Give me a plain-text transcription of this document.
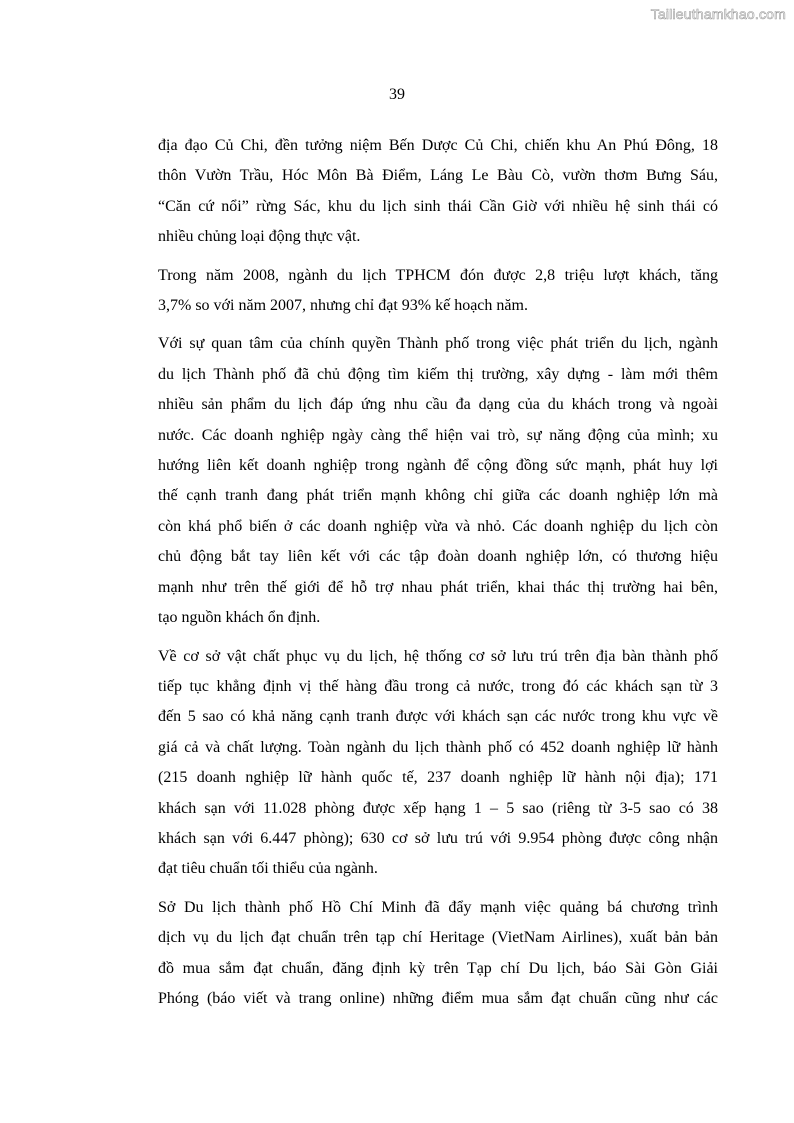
Tailieuthamkhao.com
39
địa đạo Củ Chi, đền tưởng niệm Bến Dược Củ Chi, chiến khu An Phú Đông, 18
thôn Vườn Trầu, Hóc Môn Bà Điểm, Láng Le Bàu Cò, vườn thơm Bưng Sáu,
“Căn cứ nổi” rừng Sác, khu du lịch sinh thái Cần Giờ với nhiều hệ sinh thái có
nhiều chủng loại động thực vật.
Trong năm 2008, ngành du lịch TPHCM đón được 2,8 triệu lượt khách, tăng
3,7% so với năm 2007, nhưng chỉ đạt 93% kế hoạch năm.
Với sự quan tâm của chính quyền Thành phố trong việc phát triển du lịch, ngành
du lịch Thành phố đã chủ động tìm kiếm thị trường, xây dựng - làm mới thêm
nhiều sản phẩm du lịch đáp ứng nhu cầu đa dạng của du khách trong và ngoài
nước. Các doanh nghiệp ngày càng thể hiện vai trò, sự năng động của mình; xu
hướng liên kết doanh nghiệp trong ngành để cộng đồng sức mạnh, phát huy lợi
thế cạnh tranh đang phát triển mạnh không chỉ giữa các doanh nghiệp lớn mà
còn khá phổ biến ở các doanh nghiệp vừa và nhỏ. Các doanh nghiệp du lịch còn
chủ động bắt tay liên kết với các tập đoàn doanh nghiệp lớn, có thương hiệu
mạnh như trên thế giới để hỗ trợ nhau phát triển, khai thác thị trường hai bên,
tạo nguồn khách ổn định.
Về cơ sở vật chất phục vụ du lịch, hệ thống cơ sở lưu trú trên địa bàn thành phố
tiếp tục khẳng định vị thế hàng đầu trong cả nước, trong đó các khách sạn từ 3
đến 5 sao có khả năng cạnh tranh được với khách sạn các nước trong khu vực về
giá cả và chất lượng. Toàn ngành du lịch thành phố có 452 doanh nghiệp lữ hành
(215 doanh nghiệp lữ hành quốc tế, 237 doanh nghiệp lữ hành nội địa); 171
khách sạn với 11.028 phòng được xếp hạng 1 – 5 sao (riêng từ 3-5 sao có 38
khách sạn với 6.447 phòng); 630 cơ sở lưu trú với 9.954 phòng được công nhận
đạt tiêu chuẩn tối thiểu của ngành.
Sở Du lịch thành phố Hồ Chí Minh đã đẩy mạnh việc quảng bá chương trình
dịch vụ du lịch đạt chuẩn trên tạp chí Heritage (VietNam Airlines), xuất bản bản
đồ mua sắm đạt chuẩn, đăng định kỳ trên Tạp chí Du lịch, báo Sài Gòn Giải
Phóng (báo viết và trang online) những điểm mua sắm đạt chuẩn cũng như các
